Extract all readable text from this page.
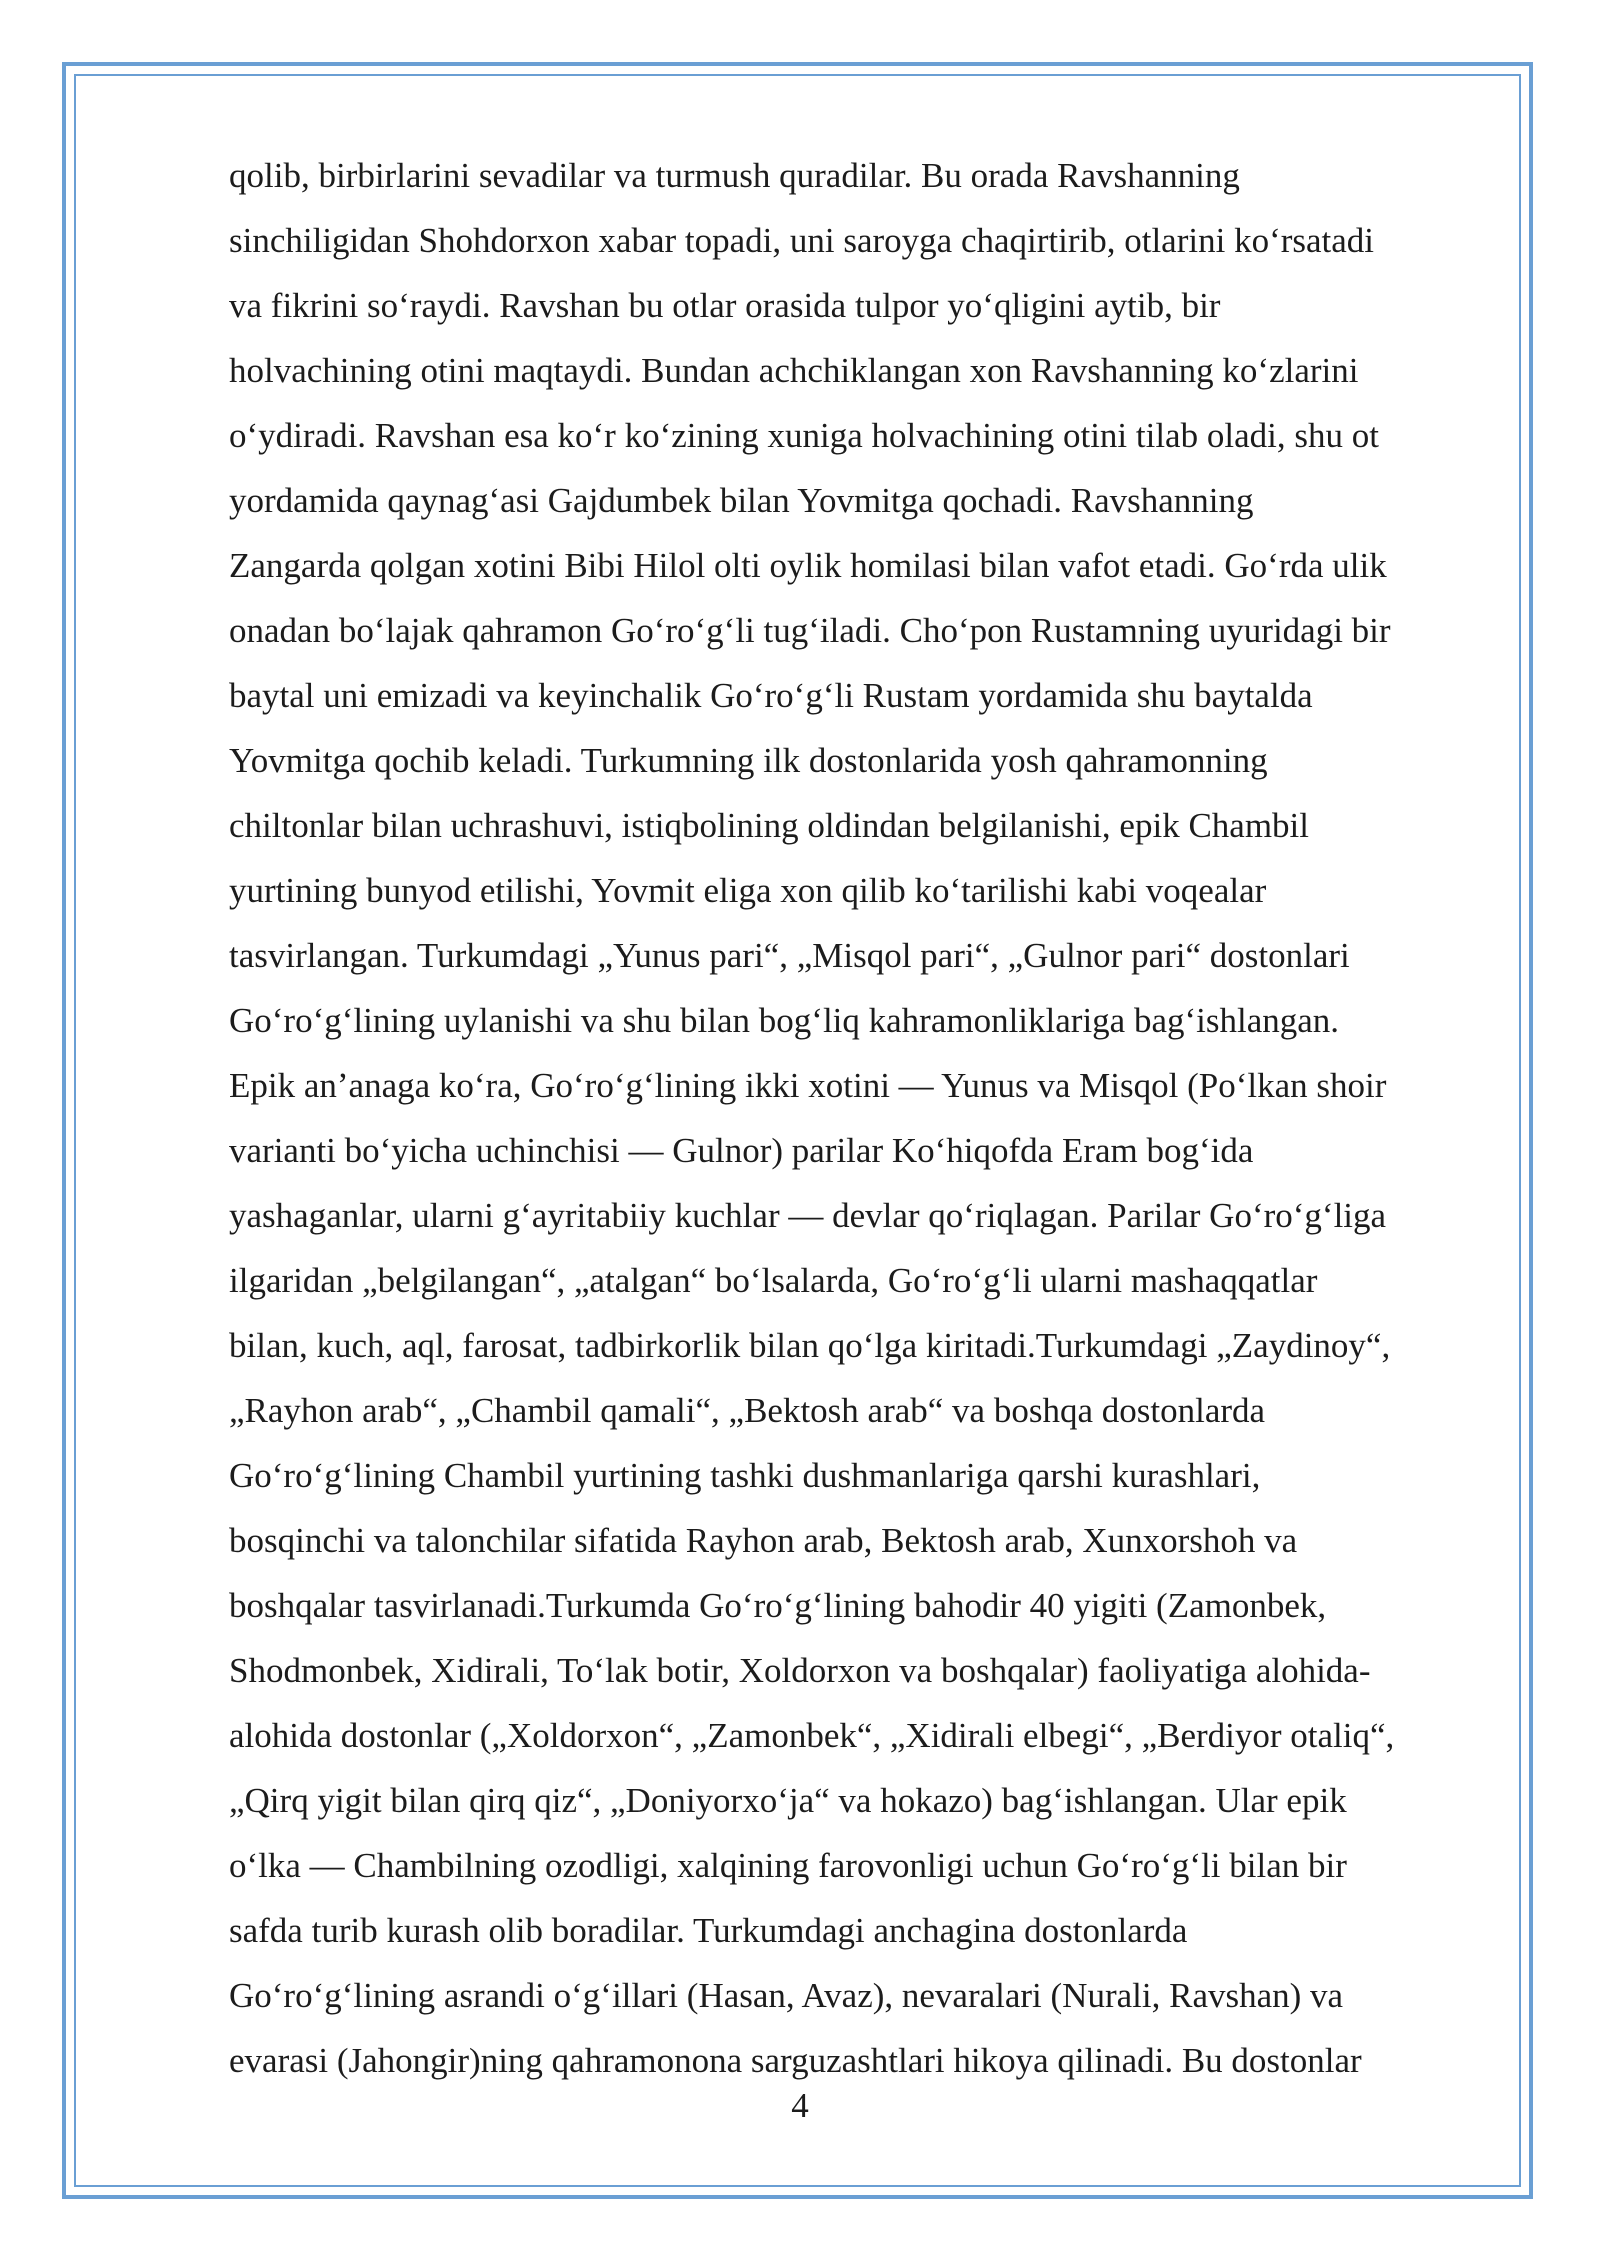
qolib, birbirlarini sevadilar va turmush quradilar. Bu orada Ravshanning
sinchiligidan Shohdorxon xabar topadi, uni saroyga chaqirtirib, otlarini koʻrsatadi
va fikrini soʻraydi. Ravshan bu otlar orasida tulpor yoʻqligini aytib, bir
holvachining otini maqtaydi. Bundan achchiklangan xon Ravshanning koʻzlarini
oʻydiradi. Ravshan esa koʻr koʻzining xuniga holvachining otini tilab oladi, shu ot
yordamida qaynagʻasi Gajdumbek bilan Yovmitga qochadi. Ravshanning
Zangarda qolgan xotini Bibi Hilol olti oylik homilasi bilan vafot etadi. Goʻrda ulik
onadan boʻlajak qahramon Goʻroʻgʻli tugʻiladi. Choʻpon Rustamning uyuridagi bir
baytal uni emizadi va keyinchalik Goʻroʻgʻli Rustam yordamida shu baytalda
Yovmitga qochib keladi. Turkumning ilk dostonlarida yosh qahramonning
chiltonlar bilan uchrashuvi, istiqbolining oldindan belgilanishi, epik Chambil
yurtining bunyod etilishi, Yovmit eliga xon qilib koʻtarilishi kabi voqealar
tasvirlangan. Turkumdagi „Yunus pari“, „Misqol pari“, „Gulnor pari“ dostonlari
Goʻroʻgʻlining uylanishi va shu bilan bogʻliq kahramonliklariga bagʻishlangan.
Epik anʼanaga koʻra, Goʻroʻgʻlining ikki xotini — Yunus va Misqol (Poʻlkan shoir
varianti boʻyicha uchinchisi — Gulnor) parilar Koʻhiqofda Eram bogʻida
yashaganlar, ularni gʻayritabiiy kuchlar — devlar qoʻriqlagan. Parilar Goʻroʻgʻliga
ilgaridan „belgilangan“, „atalgan“ boʻlsalarda, Goʻroʻgʻli ularni mashaqqatlar
bilan, kuch, aql, farosat, tadbirkorlik bilan qoʻlga kiritadi.Turkumdagi „Zaydinoy“,
„Rayhon arab“, „Chambil qamali“, „Bektosh arab“ va boshqa dostonlarda
Goʻroʻgʻlining Chambil yurtining tashki dushmanlariga qarshi kurashlari,
bosqinchi va talonchilar sifatida Rayhon arab, Bektosh arab, Xunxorshoh va
boshqalar tasvirlanadi.Turkumda Goʻroʻgʻlining bahodir 40 yigiti (Zamonbek,
Shodmonbek, Xidirali, Toʻlak botir, Xoldorxon va boshqalar) faoliyatiga alohida-
alohida dostonlar („Xoldorxon“, „Zamonbek“, „Xidirali elbegi“, „Berdiyor otaliq“,
„Qirq yigit bilan qirq qiz“, „Doniyorxoʻja“ va hokazo) bagʻishlangan. Ular epik
oʻlka — Chambilning ozodligi, xalqining farovonligi uchun Goʻroʻgʻli bilan bir
safda turib kurash olib boradilar. Turkumdagi anchagina dostonlarda
Goʻroʻgʻlining asrandi oʻgʻillari (Hasan, Avaz), nevaralari (Nurali, Ravshan) va
evarasi (Jahongir)ning qahramonona sarguzashtlari hikoya qilinadi. Bu dostonlar
4
